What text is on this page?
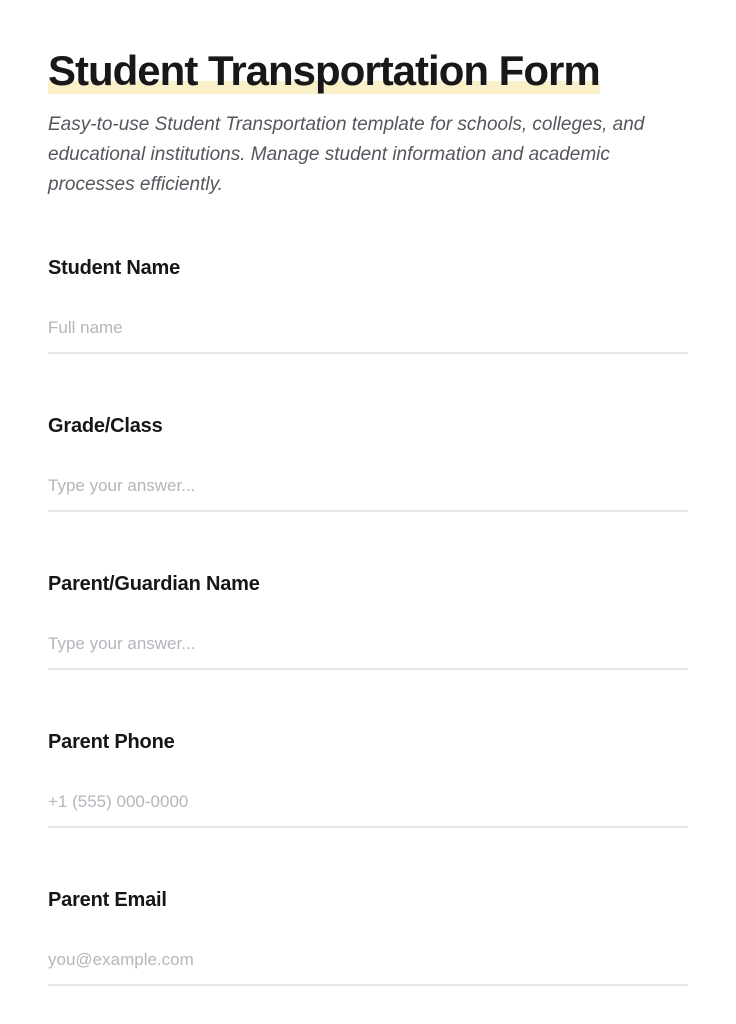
Student Transportation Form

Easy-to-use Student Transportation template for schools, colleges, and educational institutions. Manage student information and academic processes efficiently.

Student Name
Full name
Grade/Class
Type your answer...
Parent/Guardian Name
Type your answer...
Parent Phone
+1 (555) 000-0000
Parent Email
you@example.com
